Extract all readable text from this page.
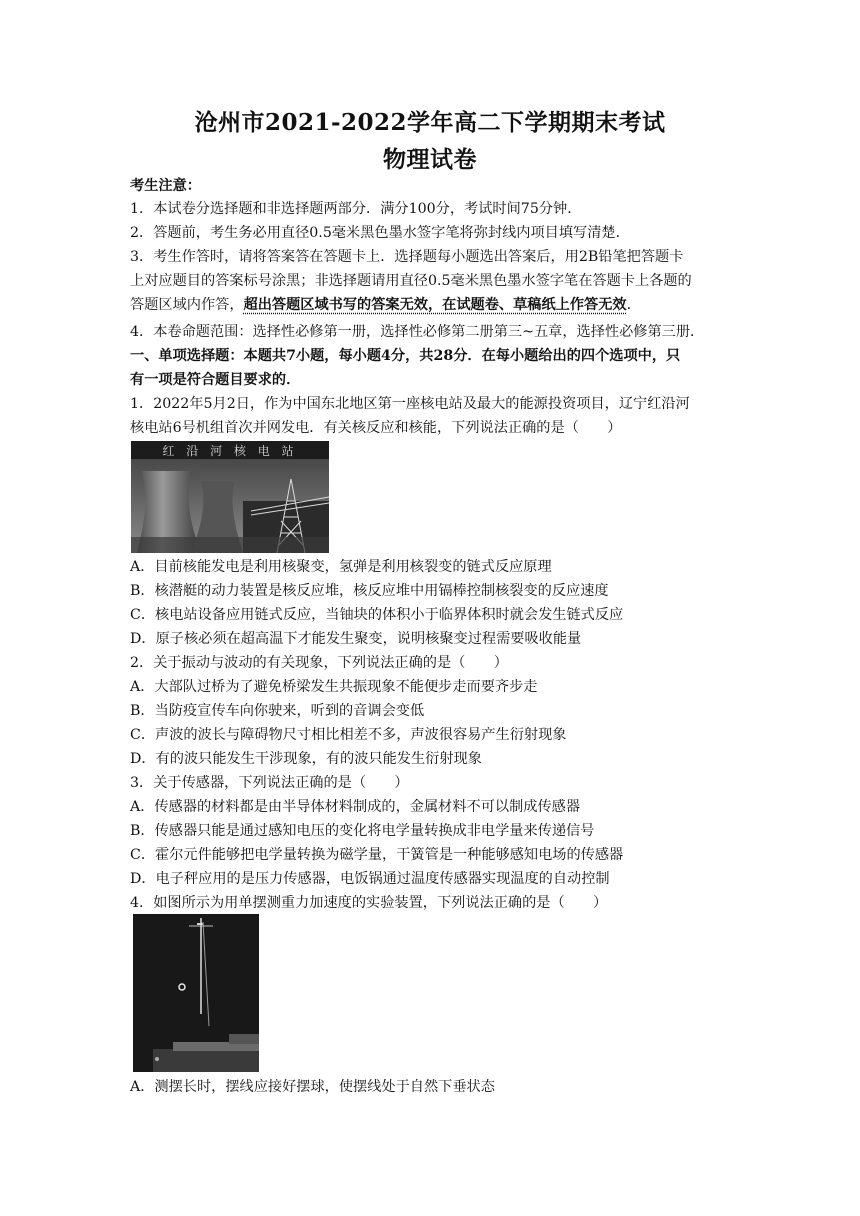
沧州市2021-2022学年高二下学期期末考试
物理试卷
考生注意：
1．本试卷分选择题和非选择题两部分．满分100分，考试时间75分钟．
2．答题前，考生务必用直径0.5毫米黑色墨水签字笔将弥封线内项目填写清楚．
3．考生作答时，请将答案答在答题卡上．选择题每小题选出答案后，用2B铅笔把答题卡
上对应题目的答案标号涂黑；非选择题请用直径0.5毫米黑色墨水签字笔在答题卡上各题的
答题区域内作答，超出答题区域书写的答案无效，在试题卷、草稿纸上作答无效．
4．本卷命题范围：选择性必修第一册，选择性必修第二册第三~五章，选择性必修第三册．
一、单项选择题：本题共7小题，每小题4分，共28分．在每小题给出的四个选项中，只
有一项是符合题目要求的．
1．2022年5月2日，作为中国东北地区第一座核电站及最大的能源投资项目，辽宁红沿河
核电站6号机组首次并网发电．有关核反应和核能，下列说法正确的是（　　）
红 沿 河 核 电 站
A．目前核能发电是利用核聚变，氢弹是利用核裂变的链式反应原理
B．核潜艇的动力装置是核反应堆，核反应堆中用镉棒控制核裂变的反应速度
C．核电站设备应用链式反应，当铀块的体积小于临界体积时就会发生链式反应
D．原子核必须在超高温下才能发生聚变，说明核聚变过程需要吸收能量
2．关于振动与波动的有关现象，下列说法正确的是（　　）
A．大部队过桥为了避免桥梁发生共振现象不能便步走而要齐步走
B．当防疫宣传车向你驶来，听到的音调会变低
C．声波的波长与障碍物尺寸相比相差不多，声波很容易产生衍射现象
D．有的波只能发生干涉现象，有的波只能发生衍射现象
3．关于传感器，下列说法正确的是（　　）
A．传感器的材料都是由半导体材料制成的，金属材料不可以制成传感器
B．传感器只能是通过感知电压的变化将电学量转换成非电学量来传递信号
C．霍尔元件能够把电学量转换为磁学量，干簧管是一种能够感知电场的传感器
D．电子秤应用的是压力传感器，电饭锅通过温度传感器实现温度的自动控制
4．如图所示为用单摆测重力加速度的实验装置，下列说法正确的是（　　）
A．测摆长时，摆线应接好摆球，使摆线处于自然下垂状态
